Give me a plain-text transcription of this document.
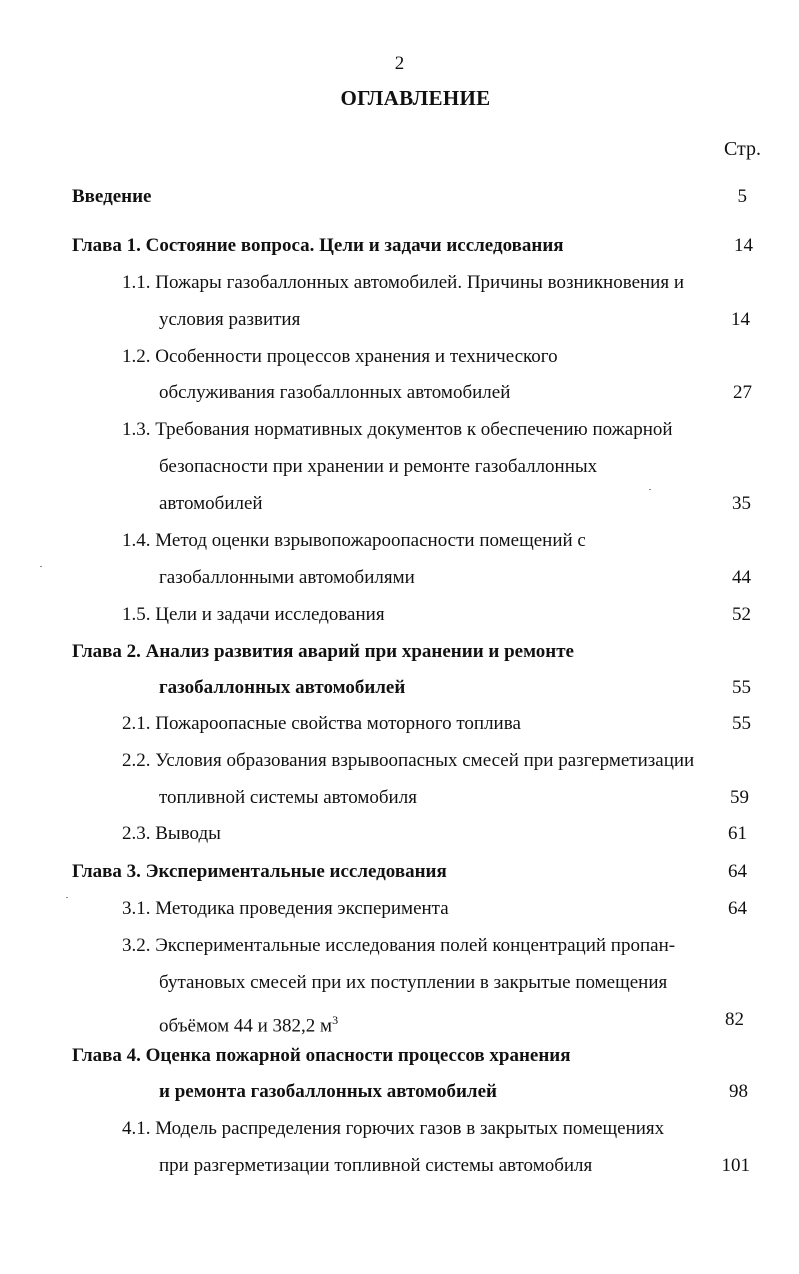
2
ОГЛАВЛЕНИЕ
Стр.
Введение	5
Глава 1. Состояние вопроса. Цели и задачи исследования	14
1.1. Пожары газобаллонных автомобилей. Причины возникновения и
условия развития	14
1.2. Особенности процессов хранения и технического
обслуживания газобаллонных автомобилей	27
1.3. Требования нормативных документов к обеспечению пожарной
безопасности при хранении и ремонте газобаллонных
автомобилей	35
1.4. Метод оценки взрывопожароопасности помещений с
газобаллонными автомобилями	44
1.5. Цели и задачи исследования	52
Глава 2. Анализ развития аварий при хранении и ремонте
газобаллонных автомобилей	55
2.1. Пожароопасные свойства моторного топлива	55
2.2. Условия образования взрывоопасных смесей при разгерметизации
топливной системы автомобиля	59
2.3. Выводы	61
Глава 3. Экспериментальные исследования	64
3.1. Методика проведения эксперимента	64
3.2. Экспериментальные исследования полей концентраций пропан-
бутановых смесей при их поступлении в закрытые помещения
объёмом 44 и 382,2 $м^3$	82
Глава 4. Оценка пожарной опасности процессов хранения
и ремонта газобаллонных автомобилей	98
4.1. Модель распределения горючих газов в закрытых помещениях
при разгерметизации топливной системы автомобиля	101
